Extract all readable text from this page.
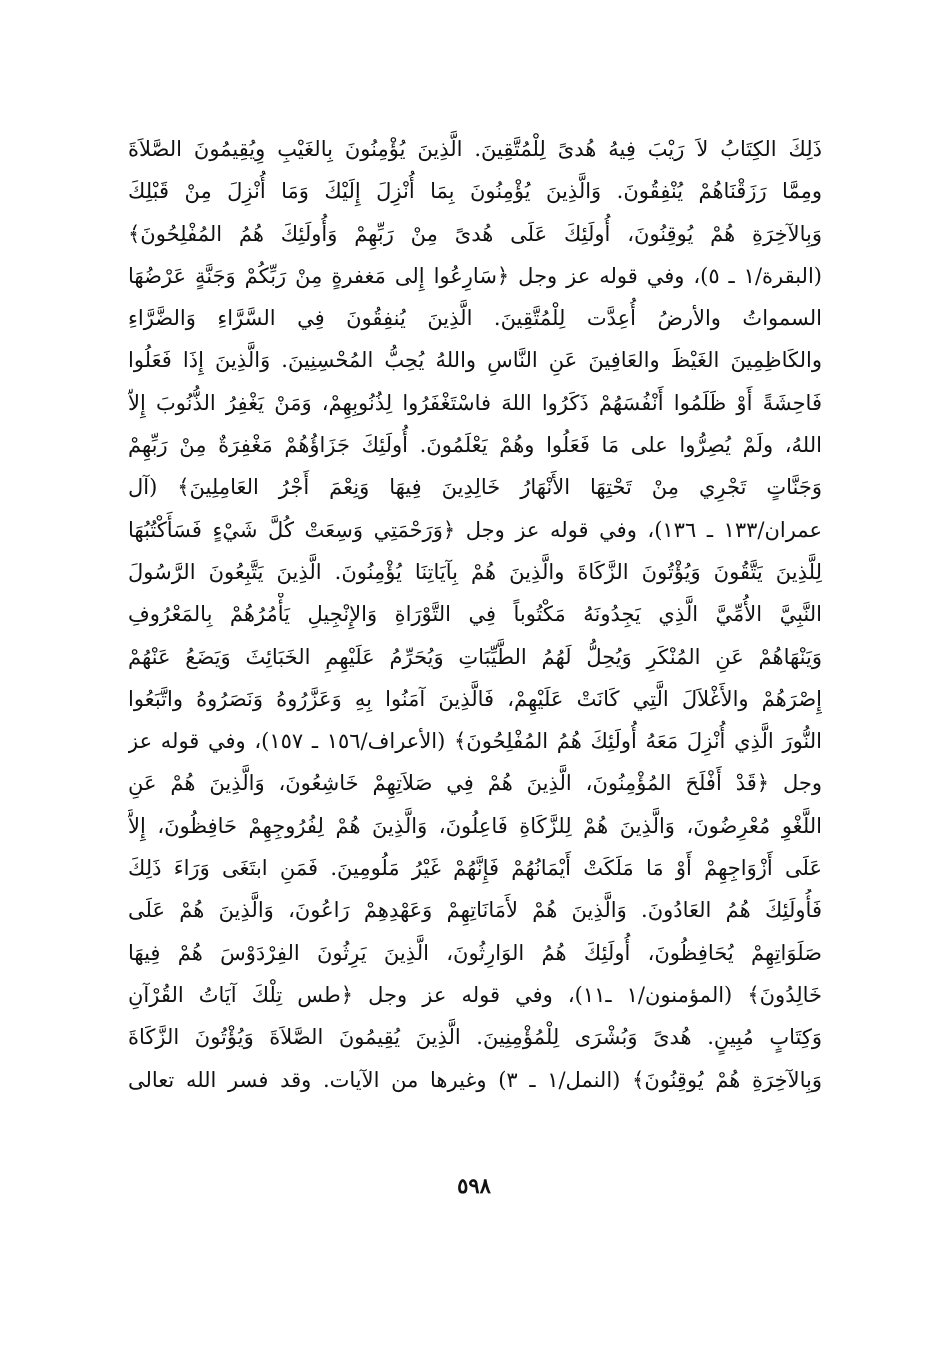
ذَلِكَ الكِتَابُ لاَ رَيْبَ فِيهُ هُدىً لِلْمُتَّقِينَ. الَّذِينَ يُؤْمِنُونَ بِالغَيْبِ وِيُقِيمُونَ الصَّلاَةَ
ومِمَّا رَزَقْنَاهُمْ يُنْفِقُونَ. وَالَّذِينَ يُؤْمِنُونَ بِمَا أُنْزِلَ إِلَيْكَ وَمَا أُنْزِلَ مِنْ قَبْلِكَ
وَبِالآخِرَةِ هُمْ يُوقِنُونَ، أُولَئِكَ عَلَى هُدىً مِنْ رَبِّهِمْ وَأُولَئِكَ هُمُ المُفْلِحُونَ﴾
(البقرة/١ ـ ٥)، وفي قوله عز وجل ﴿سَارِعُوا إِلى مَغفرةٍ مِنْ رَبِّكُمْ وَجَنَّةٍ عَرْضُهَا
السمواتُ والأرضُ أُعِدَّت لِلْمُتَّقِينَ. الَّذِينَ يُنفِقُونَ فِي السَّرَّاءِ وَالضَّرَّاءِ
والكَاظِمِينَ الغَيْظَ والعَافِينَ عَنِ النَّاسِ واللهُ يُحِبُّ المُحْسِنِينَ. وَالَّذِينَ إِذَا فَعَلُوا
فَاحِشَةً أَوْ ظَلَمُوا أَنْفُسَهُمْ ذَكَرُوا اللهَ فاسْتَغْفَرُوا لِذُنُوبِهِمْ، وَمَنْ يَغْفِرُ الذُّنُوبَ إِلاّ
اللهُ، ولَمْ يُصِرُّوا على مَا فَعَلُوا وهُمْ يَعْلَمُونَ. أُولَئِكَ جَزَاؤُهُمْ مَغْفِرَةٌ مِنْ رَبِّهِمْ
وَجَنَّاتٍ تَجْرِي مِنْ تَحْتِهَا الأَنْهَارُ خَالِدِينَ فِيهَا وَنِعْمَ أَجْرُ العَامِلِينَ﴾ (آل
عمران/١٣٣ ـ ١٣٦)، وفي قوله عز وجل ﴿وَرَحْمَتِي وَسِعَتْ كُلَّ شَيْءٍ فَسَأَكْتُبُهَا
لِلَّذِينَ يَتَّقُونَ وَيُؤْتُونَ الزَّكَاةَ والَّذِينَ هُمْ بِآيَاتِنَا يُؤْمِنُونَ. الَّذِينَ يَتَّبِعُونَ الرَّسُولَ
النَّبِيَّ الأُمِّيَّ الَّذِي يَجِدُونَهُ مَكْتُوباً فِي التَّوْرَاةِ وَالإِنْجِيلِ يَأْمُرُهُمْ بِالمَعْرُوفِ
وَيَنْهَاهُمْ عَنِ المُنْكَرِ وَيُحِلُّ لَهُمُ الطَّيِّبَاتِ وَيُحَرِّمُ عَلَيْهِمِ الخَبَائِثَ وَيَضَعُ عَنْهُمْ
إِصْرَهُمْ والأَغْلاَلَ الَّتِي كَانَتْ عَلَيْهِمْ، فَالَّذِينَ آمَنُوا بِهِ وَعَزَّرُوهُ وَنَصَرُوهُ واتَّبَعُوا
النُّورَ الَّذِي أُنْزِلَ مَعَهُ أُولَئِكَ هُمُ المُفْلِحُونَ﴾ (الأعراف/١٥٦ ـ ١٥٧)، وفي قوله عز
وجل ﴿قَدْ أَفْلَحَ المُؤْمِنُونَ، الَّذِينَ هُمْ فِي صَلاَتِهِمْ خَاشِعُونَ، وَالَّذِينَ هُمْ عَنِ
اللَّغْوِ مُعْرِضُونَ، وَالَّذِينَ هُمْ لِلزَّكَاةِ فَاعِلُونَ، وَالَّذِينَ هُمْ لِفُرُوجِهِمْ حَافِظُونَ، إِلاَّ
عَلَى أَزْوَاجِهِمْ أَوْ مَا مَلَكَتْ أَيْمَانُهُمْ فَإِنَّهُمْ غَيْرُ مَلُومِينَ. فَمَنِ ابتَغَى وَرَاءَ ذَلِكَ
فَأُولَئِكَ هُمُ العَادُونَ. وَالَّذِينَ هُمْ لأَمَانَاتِهِمْ وَعَهْدِهِمْ رَاعُونَ، وَالَّذِينَ هُمْ عَلَى
صَلَوَاتِهِمْ يُحَافِظُونَ، أُولَئِكَ هُمُ الوَارِثُونَ، الَّذِينَ يَرِثُونَ الفِرْدَوْسَ هُمْ فِيهَا
خَالِدُونَ﴾ (المؤمنون/١ ـ١١)، وفي قوله عز وجل ﴿طس تِلْكَ آيَاتُ القُرْآنِ
وَكِتَابٍ مُبِينٍ. هُدىً وَبُشْرَى لِلْمُؤْمِنِينَ. الَّذِينَ يُقِيمُونَ الصَّلاَةَ وَيُؤْتُونَ الزَّكَاةَ
وَبِالآخِرَةِ هُمْ يُوقِنُونَ﴾ (النمل/١ ـ ٣) وغيرها من الآيات. وقد فسر الله تعالى
٥٩٨
